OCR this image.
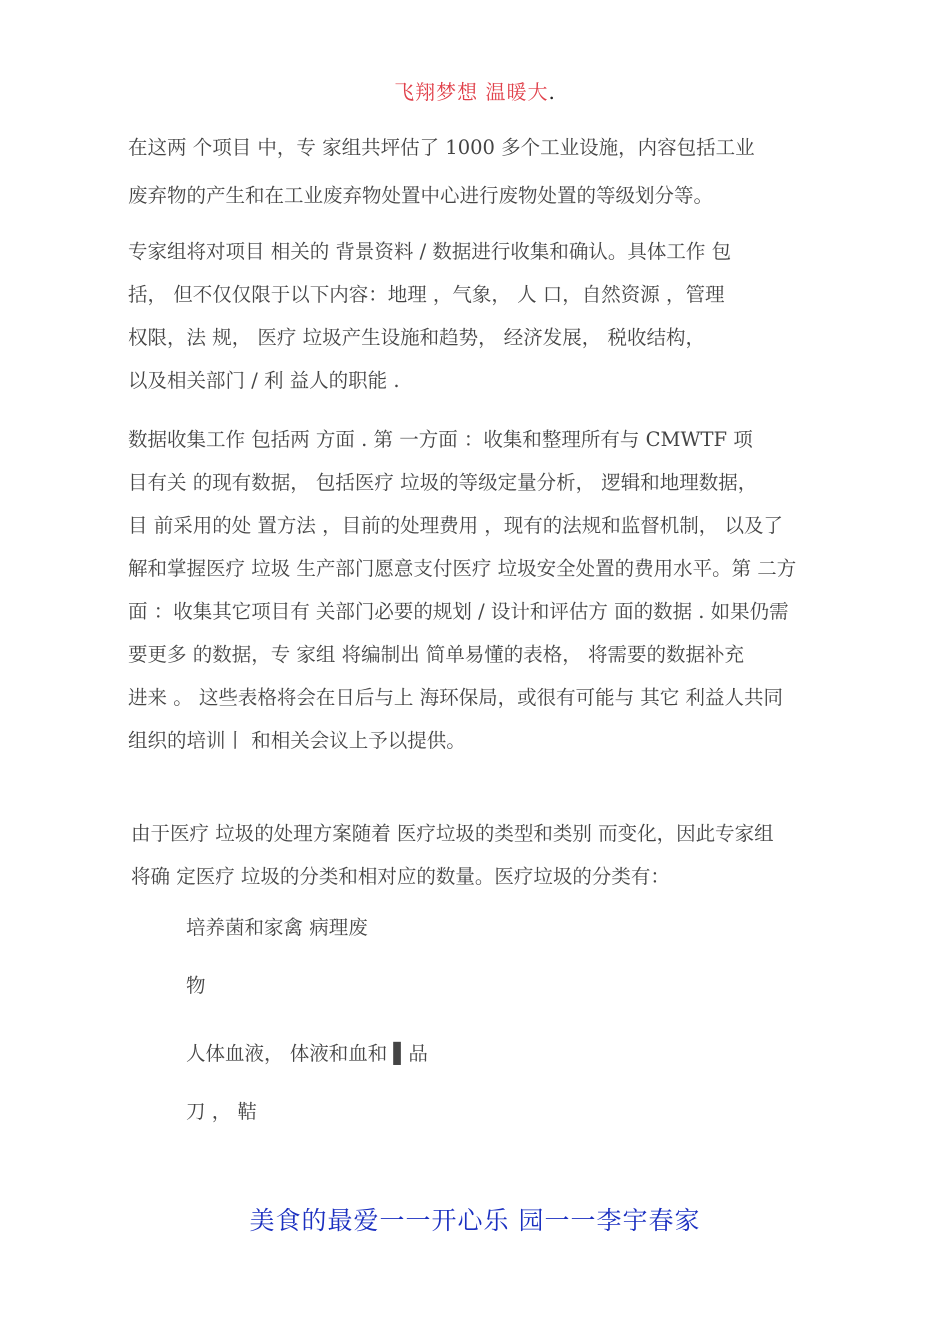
飞翔梦想 温暖大.

在这两 个项目 中，专 家组共坪估了 1000 多个工业设施，内容包括工业
废弃物的产生和在工业废弃物处置中心进行废物处置的等级划分等。

专家组将对项目 相关的 背景资料 / 数据进行收集和确认。具体工作 包
括， 但不仅仅限于以下内容：地理 ，气象， 人 口，自然资源 ，管理
权限，法 规， 医疗 垃圾产生设施和趋势， 经济发展， 税收结构，
以及相关部门 / 利 益人的职能 .

数据收集工作 包括两 方面 . 第 一方面 ：收集和整理所有与 CMWTF 项
目有关 的现有数据， 包括医疗 垃圾的等级定量分析， 逻辑和地理数据，
目 前采用的处 置方法 ，目前的处理费用 ，现有的法规和监督机制， 以及了
解和掌握医疗 垃圾 生产部门愿意支付医疗 垃圾安全处置的费用水平。第 二方
面 ：收集其它项目有 关部门必要的规划 / 设计和评估方 面的数据 . 如果仍需
要更多 的数据，专 家组 将编制出 简单易懂的表格， 将需要的数据补充
进来 。 这些表格将会在日后与上 海环保局，或很有可能与 其它 利益人共同
组织的培训丨 和相关会议上予以提供。

由于医疗 垃圾的处理方案随着 医疗垃圾的类型和类别 而变化，因此专家组
将确 定医疗 垃圾的分类和相对应的数量。医疗垃圾的分类有：

培养菌和家禽 病理废
物
人体血液， 体液和血和 ▌品
刀 ， 鞊
美食的最爱一一开心乐 园一一李宇春家
